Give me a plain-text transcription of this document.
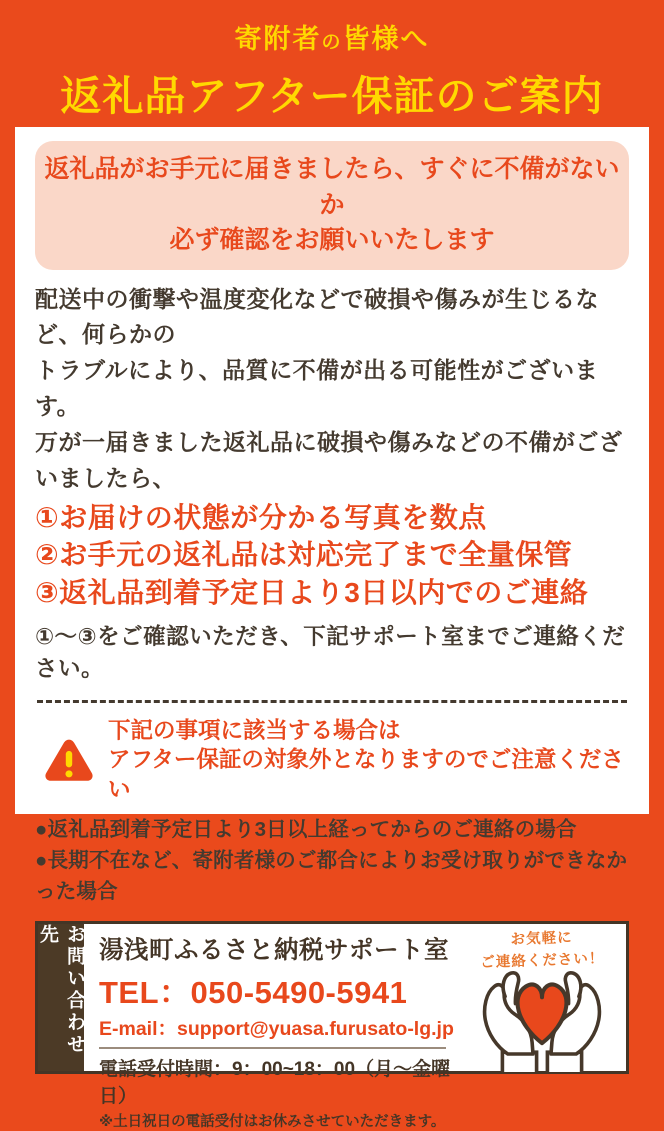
寄附者の皆様へ
返礼品アフター保証のご案内
返礼品がお手元に届きましたら、すぐに不備がないか
必ず確認をお願いいたします
配送中の衝撃や温度変化などで破損や傷みが生じるなど、何らかの
トラブルにより、品質に不備が出る可能性がございます。
万が一届きました返礼品に破損や傷みなどの不備がございましたら、
①お届けの状態が分かる写真を数点
②お手元の返礼品は対応完了まで全量保管
③返礼品到着予定日より3日以内でのご連絡
①～③をご確認いただき、下記サポート室までご連絡ください。
下記の事項に該当する場合は
アフター保証の対象外となりますのでご注意ください
●返礼品到着予定日より3日以上経ってからのご連絡の場合
●長期不在など、寄附者様のご都合によりお受け取りができなかった場合
お問い合わせ先
湯浅町ふるさと納税サポート室
TEL：050-5490-5941
E-mail：support@yuasa.furusato-lg.jp
電話受付時間：9：00~18：00（月～金曜日）
※土日祝日の電話受付はお休みさせていただきます。
お気軽に
ご連絡ください！
